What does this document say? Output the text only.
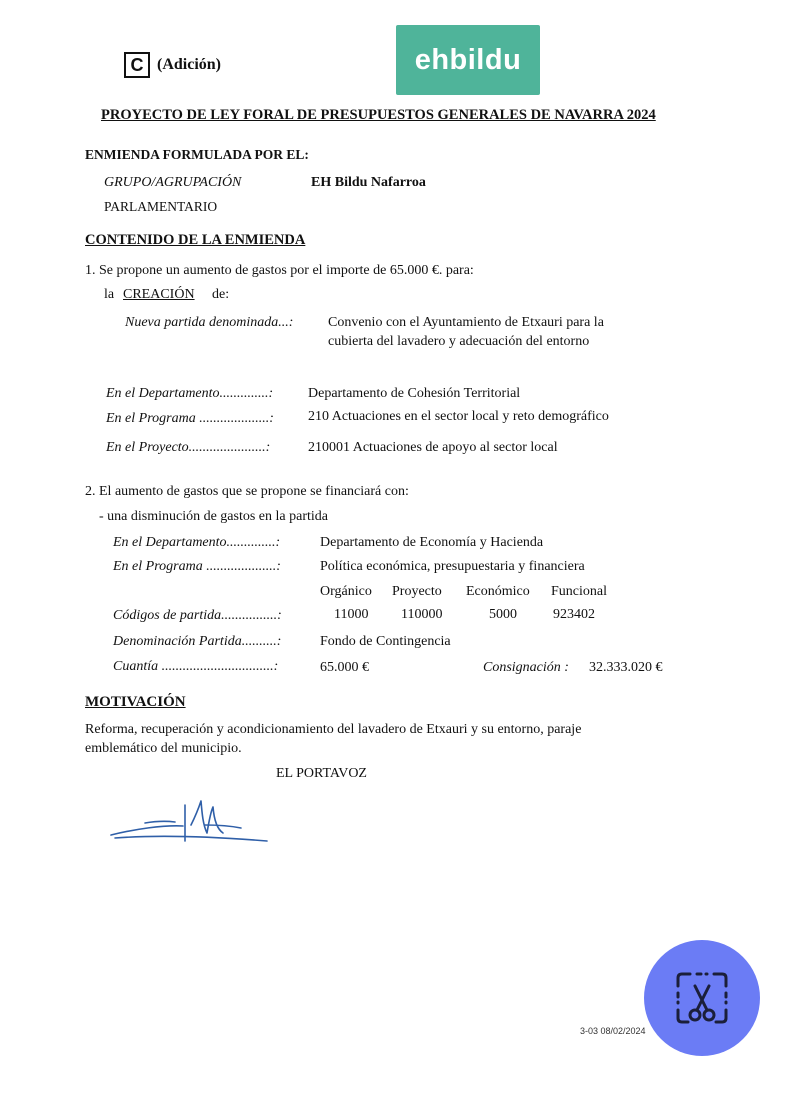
C (Adición)	ehbildu
PROYECTO DE LEY FORAL DE PRESUPUESTOS GENERALES DE NAVARRA 2024
ENMIENDA FORMULADA POR EL:
GRUPO/AGRUPACIÓN	EH Bildu Nafarroa
PARLAMENTARIO
CONTENIDO DE LA ENMIENDA
1. Se propone un aumento de gastos por el importe de 65.000 €. para:
la CREACIÓN de:
Nueva partida denominada...: Convenio con el Ayuntamiento de Etxauri para la
cubierta del lavadero y adecuación del entorno
En el Departamento..............: Departamento de Cohesión Territorial
En el Programa ....................: 210 Actuaciones en el sector local y reto demográfico
En el Proyecto......................:	210001 Actuaciones de apoyo al sector local
2. El aumento de gastos que se propone se financiará con:
- una disminución de gastos en la partida
En el Departamento..............:	Departamento de Economía y Hacienda
En el Programa ....................:	Política económica, presupuestaria y financiera
Orgánico Proyecto Económico Funcional
Códigos de partida................:	11000 110000	5000	923402
Denominación Partida..........:	Fondo de Contingencia
Cuantía ................................:	65.000 €	Consignación : 32.333.020 €
MOTIVACIÓN
Reforma, recuperación y acondicionamiento del lavadero de Etxauri y su entorno, paraje
emblemático del municipio.
EL PORTAVOZ
3-03 08/02/2024
